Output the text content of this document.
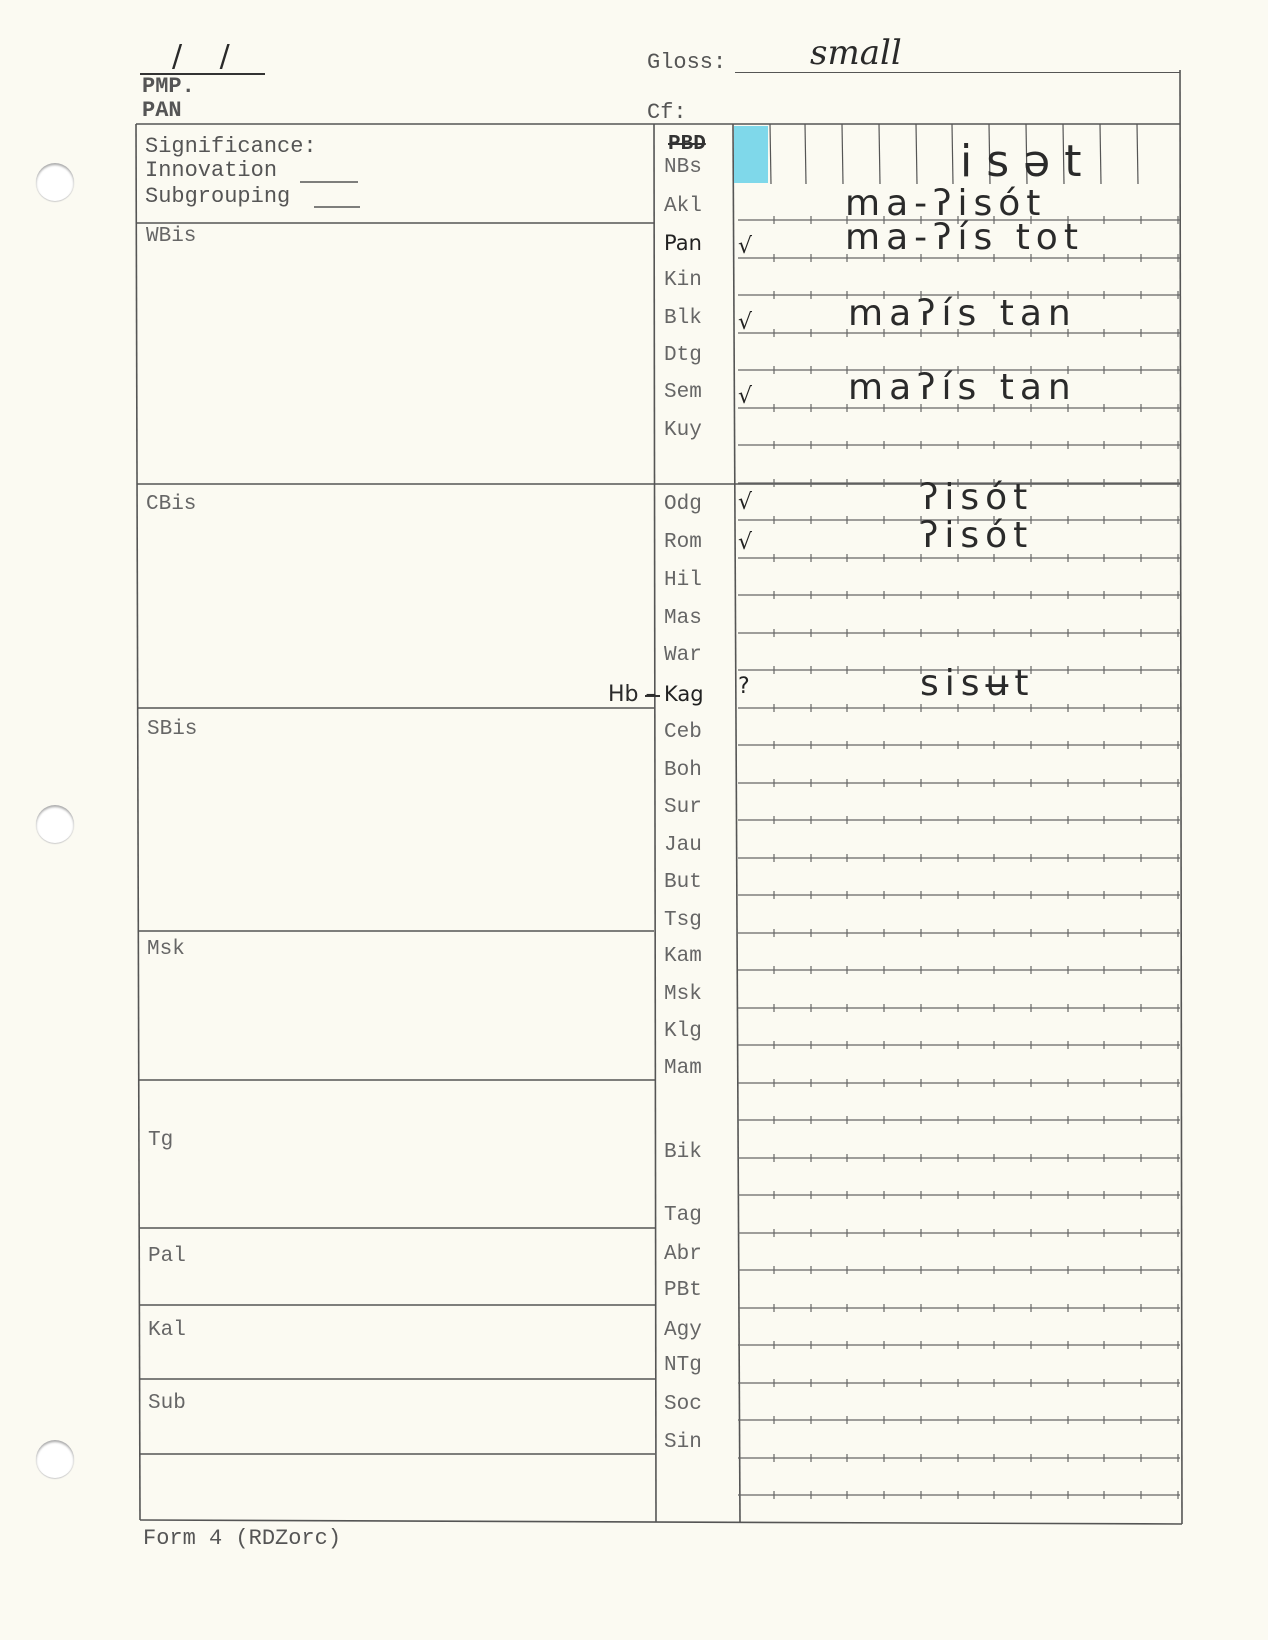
/ /
PMP.
PAN
Gloss: small
Cf:
Significance:
Innovation
Subgrouping
WBis
CBis
SBis
Msk
Tg
Pal
Kal
Sub
PBD
NBs	isət
Akl	ma-ʔisót
Pan	√	ma-ʔís tot
Kin
Blk	√	maʔís tan
Dtg
Sem	√	maʔís tan
Kuy
Odg	√	ʔisót
Rom	√	ʔisót
Hil
Mas
War
Kag	?	sisʉt
Ceb
Boh
Sur
Jau
But
Tsg
Kam
Msk
Klg
Mam
Bik
Tag
Abr
PBt
Agy
NTg
Soc
Sin
Hb –
Form 4 (RDZorc)
